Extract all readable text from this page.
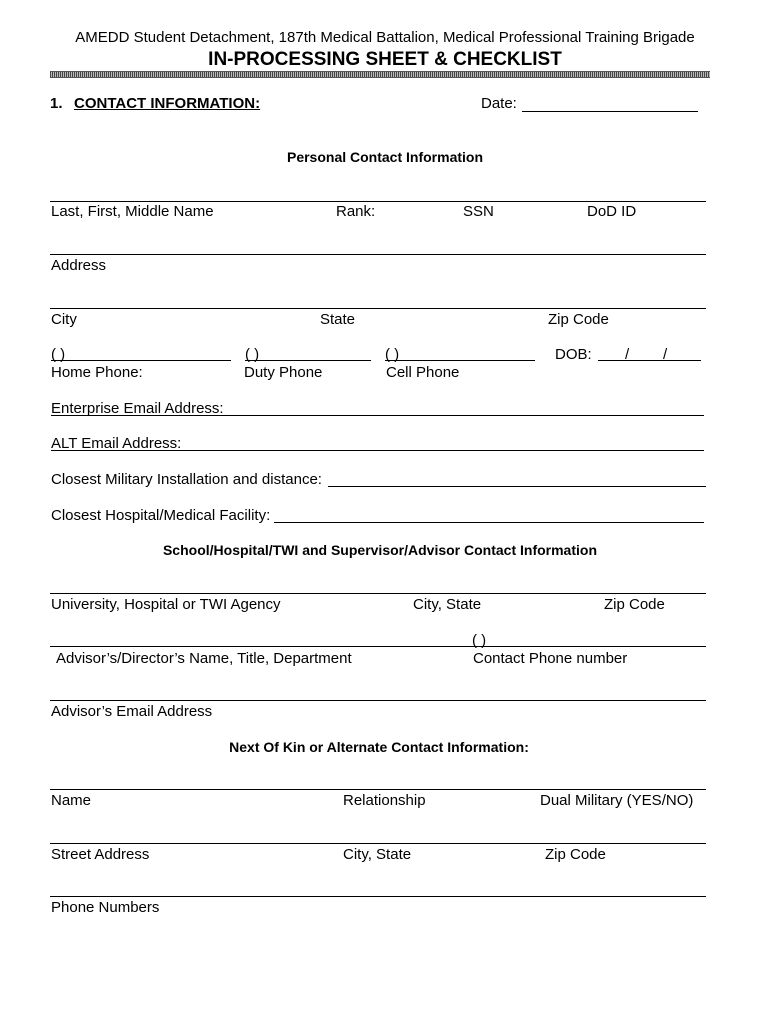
AMEDD Student Detachment, 187th Medical Battalion, Medical Professional Training Brigade
IN-PROCESSING SHEET & CHECKLIST
1. CONTACT INFORMATION:	Date:
Personal Contact Information
Last, First, Middle Name	Rank:	SSN	DoD ID
Address
City	State	Zip Code
( )	( )	( )	DOB: / /
Home Phone:	Duty Phone	Cell Phone
Enterprise Email Address:
ALT Email Address:
Closest Military Installation and distance:
Closest Hospital/Medical Facility:
School/Hospital/TWI and Supervisor/Advisor Contact Information
University, Hospital or TWI Agency	City, State	Zip Code
( )
Advisor’s/Director’s Name, Title, Department	Contact Phone number
Advisor’s Email Address
Next Of Kin or Alternate Contact Information:
Name	Relationship	Dual Military (YES/NO)
Street Address	City, State	Zip Code
Phone Numbers
